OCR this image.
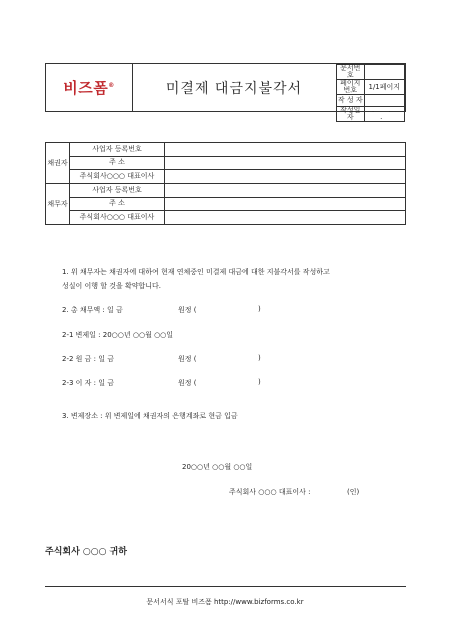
비즈폼®	미결제 대금지불각서
문서번호	
페이지번호	1/1페이지
작 성 자	
작성일자	. . .
채권자	사업자 등록번호	
	주 소	
	주식회사○○○ 대표이사	
채무자	사업자 등록번호	
	주 소	
	주식회사○○○ 대표이사	
1. 위 채무자는 채권자에 대하여 현재 연체중인 미결제 대금에 대한 지불각서를 작성하고
성실이 이행 할 것을 확약합니다.
2. 총 채무액 : 일 금	원정 (	)
2-1 변제일 : 20○○년 ○○월 ○○일
2-2 원 금 : 일 금	원정 (	)
2-3 이 자 : 일 금	원정 (	)
3. 변제장소 : 위 변제일에 채권자의 은행계좌로 현금 입금
20○○년 ○○월 ○○일
주식회사 ○○○ 대표이사 :	(인)
주식회사 ○○○ 귀하
문서서식 포탈 비즈폼 http://www.bizforms.co.kr
